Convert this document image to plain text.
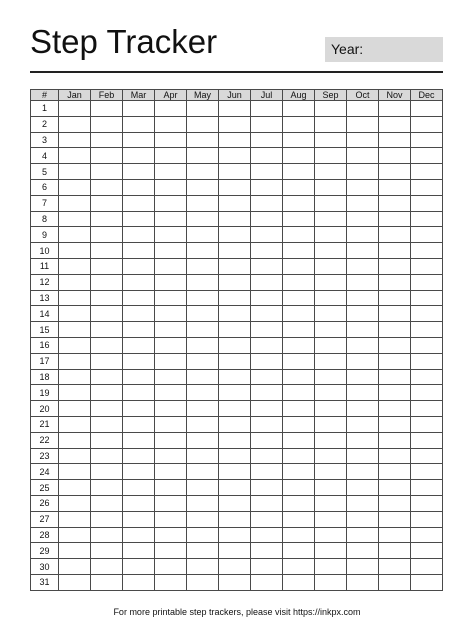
Step Tracker	Year:
#	Jan	Feb	Mar	Apr	May	Jun	Jul	Aug	Sep	Oct	Nov	Dec
1												
2												
3												
4												
5												
6												
7												
8												
9												
10												
11												
12												
13												
14												
15												
16												
17												
18												
19												
20												
21												
22												
23												
24												
25												
26												
27												
28												
29												
30												
31												
For more printable step trackers, please visit https://inkpx.com
